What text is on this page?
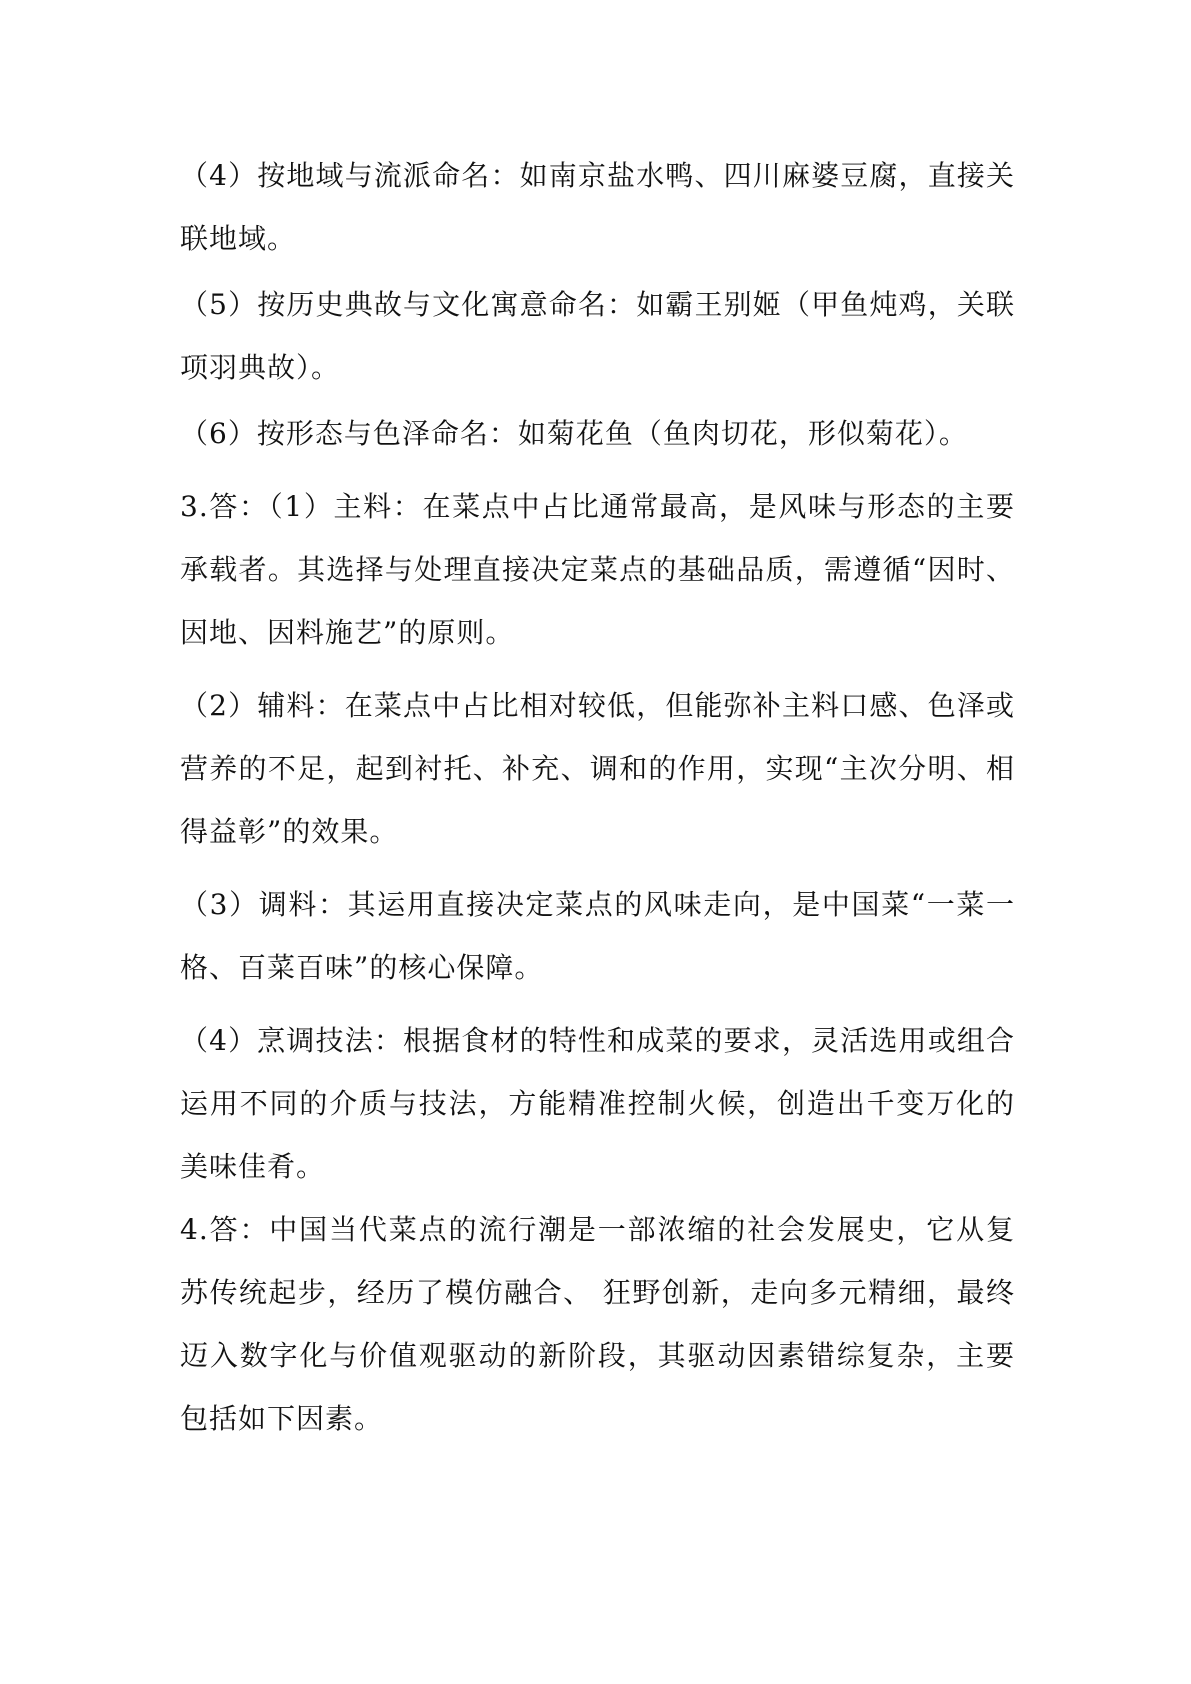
（4）按地域与流派命名：如南京盐水鸭、四川麻婆豆腐，直接关联地域。

（5）按历史典故与文化寓意命名：如霸王别姬（甲鱼炖鸡，关联项羽典故）。

（6）按形态与色泽命名：如菊花鱼（鱼肉切花，形似菊花）。

3.答：（1）主料：在菜点中占比通常最高，是风味与形态的主要承载者。其选择与处理直接决定菜点的基础品质，需遵循“因时、因地、因料施艺”的原则。

（2）辅料：在菜点中占比相对较低，但能弥补主料口感、色泽或营养的不足，起到衬托、补充、调和的作用，实现“主次分明、相得益彰”的效果。

（3）调料：其运用直接决定菜点的风味走向，是中国菜“一菜一格、百菜百味”的核心保障。

（4）烹调技法：根据食材的特性和成菜的要求，灵活选用或组合运用不同的介质与技法，方能精准控制火候，创造出千变万化的美味佳肴。

4.答：中国当代菜点的流行潮是一部浓缩的社会发展史，它从复苏传统起步，经历了模仿融合、 狂野创新，走向多元精细，最终迈入数字化与价值观驱动的新阶段，其驱动因素错综复杂，主要包括如下因素。
